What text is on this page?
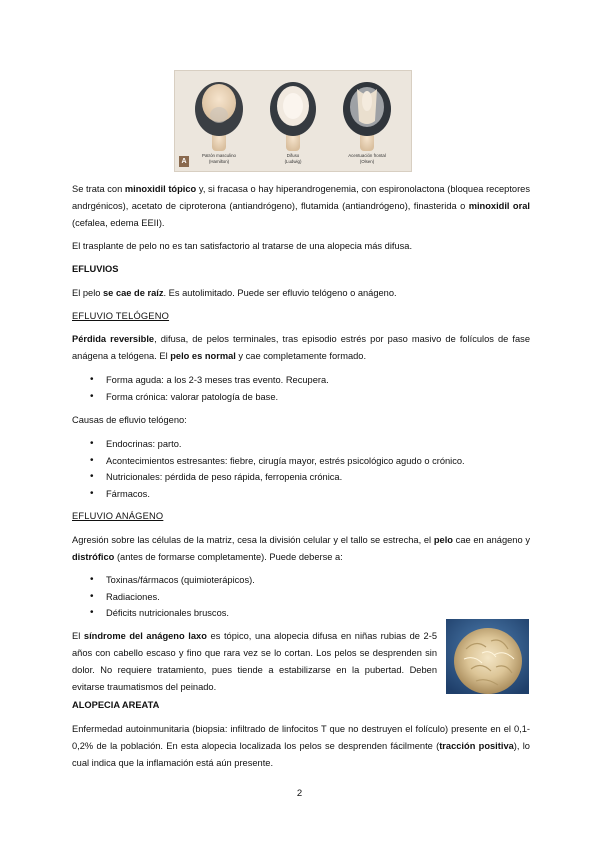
A
Patrón masculino
(Hamilton)
Difuso
(Ludwig)
Acentuación frontal
(Olsen)

Se trata con minoxidil tópico y, si fracasa o hay hiperandrogenemia, con espironolactona (bloquea receptores andrgénicos), acetato de ciproterona (antiandrógeno), flutamida (antiandrógeno), finasterida o minoxidil oral (cefalea, edema EEII).

El trasplante de pelo no es tan satisfactorio al tratarse de una alopecia más difusa.

EFLUVIOS

El pelo se cae de raíz. Es autolimitado. Puede ser efluvio telógeno o anágeno.

EFLUVIO TELÓGENO

Pérdida reversible, difusa, de pelos terminales, tras episodio estrés por paso masivo de folículos de fase anágena a telógena. El pelo es normal y cae completamente formado.

• Forma aguda: a los 2-3 meses tras evento. Recupera.
• Forma crónica: valorar patología de base.

Causas de efluvio telógeno:

• Endocrinas: parto.
• Acontecimientos estresantes: fiebre, cirugía mayor, estrés psicológico agudo o crónico.
• Nutricionales: pérdida de peso rápida, ferropenia crónica.
• Fármacos.
EFLUVIO ANÁGENO

Agresión sobre las células de la matriz, cesa la división celular y el tallo se estrecha, el pelo cae en anágeno y distrófico (antes de formarse completamente). Puede deberse a:

• Toxinas/fármacos (quimioterápicos).
• Radiaciones.
• Déficits nutricionales bruscos.

El síndrome del anágeno laxo es tópico, una alopecia difusa en niñas rubias de 2-5 años con cabello escaso y fino que rara vez se lo cortan. Los pelos se desprenden sin dolor. No requiere tratamiento, pues tiende a estabilizarse en la pubertad. Deben evitarse traumatismos del peinado.

ALOPECIA AREATA

Enfermedad autoinmunitaria (biopsia: infiltrado de linfocitos T que no destruyen el folículo) presente en el 0,1-0,2% de la población. En esta alopecia localizada los pelos se desprenden fácilmente (tracción positiva), lo cual indica que la inflamación está aún presente.

2
